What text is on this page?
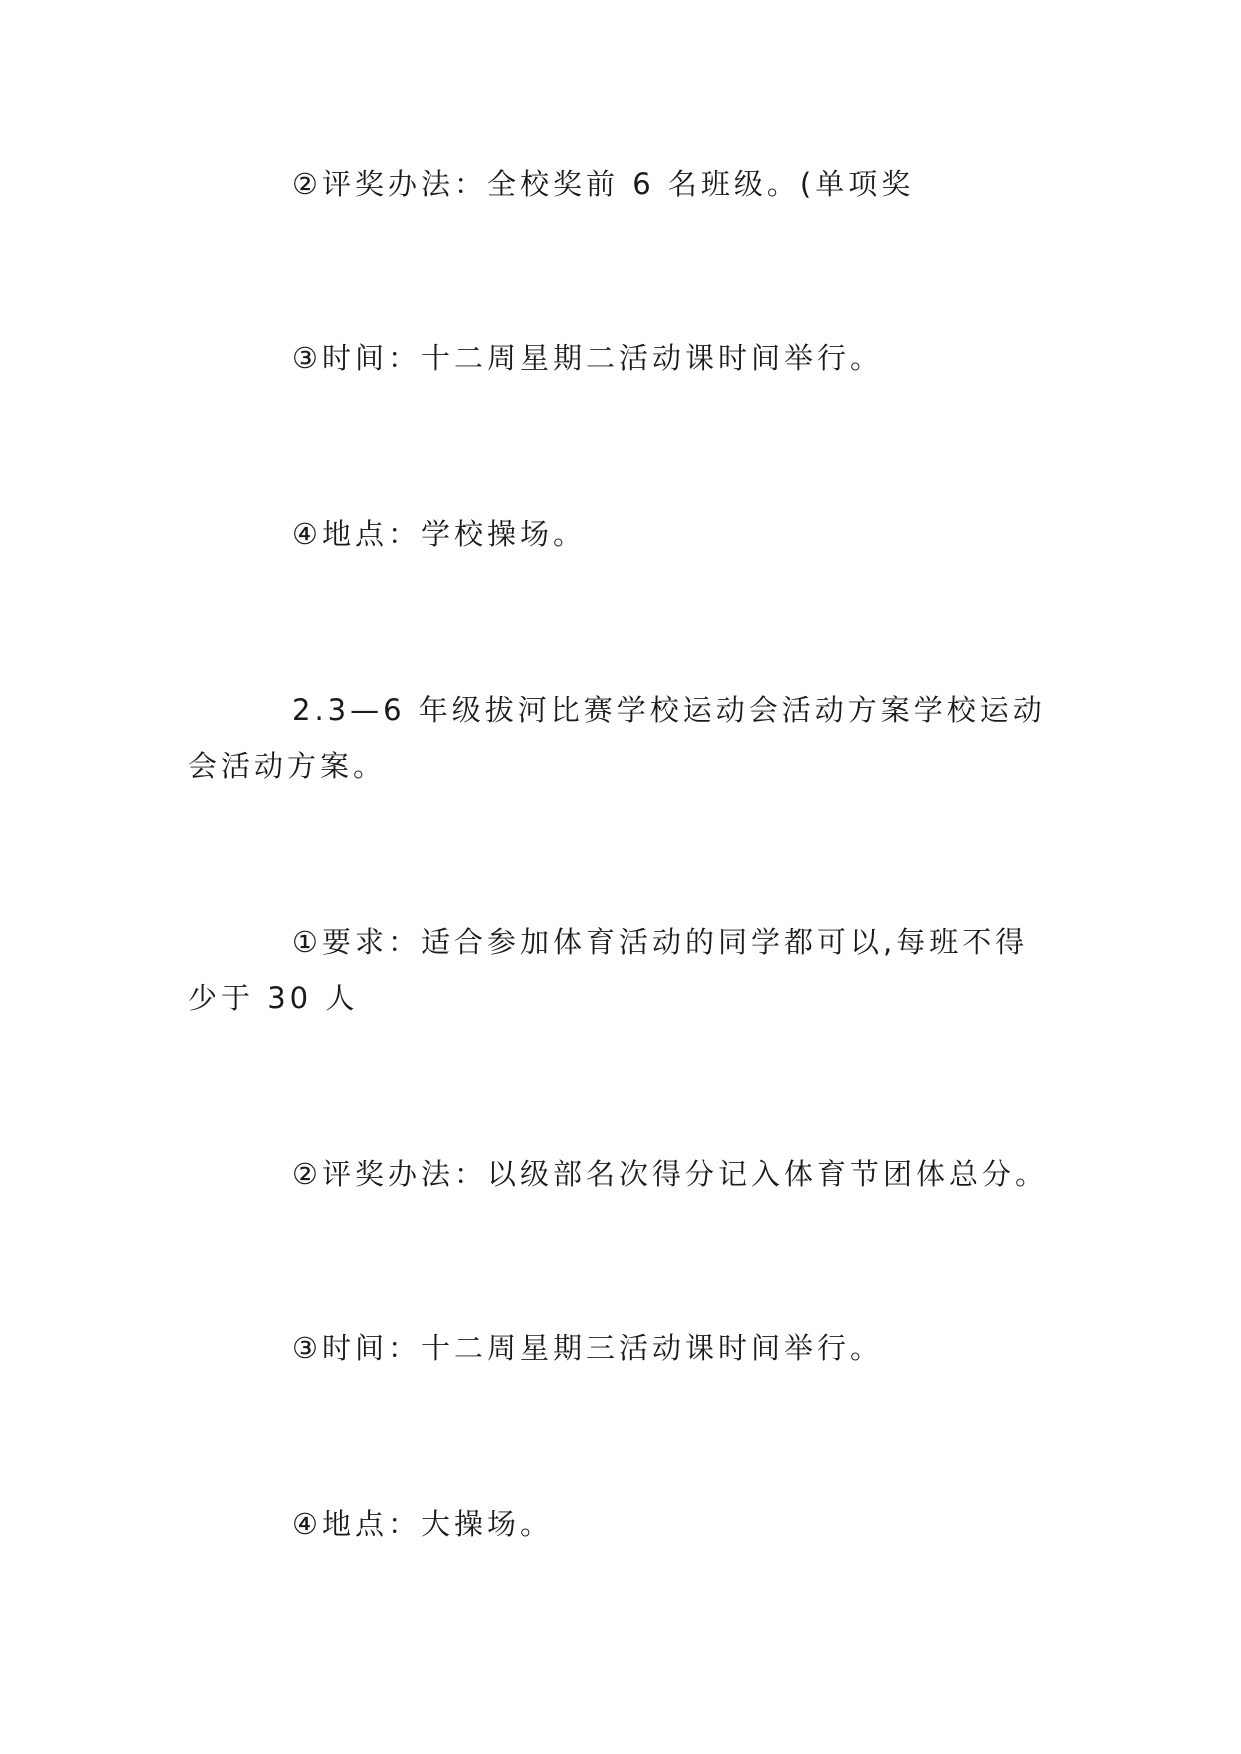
②评奖办法：全校奖前 6 名班级。(单项奖

③时间：十二周星期二活动课时间举行。

④地点：学校操场。

2.3—6 年级拔河比赛学校运动会活动方案学校运动会活动方案。

①要求：适合参加体育活动的同学都可以,每班不得少于 30 人

②评奖办法：以级部名次得分记入体育节团体总分。

③时间：十二周星期三活动课时间举行。

④地点：大操场。
